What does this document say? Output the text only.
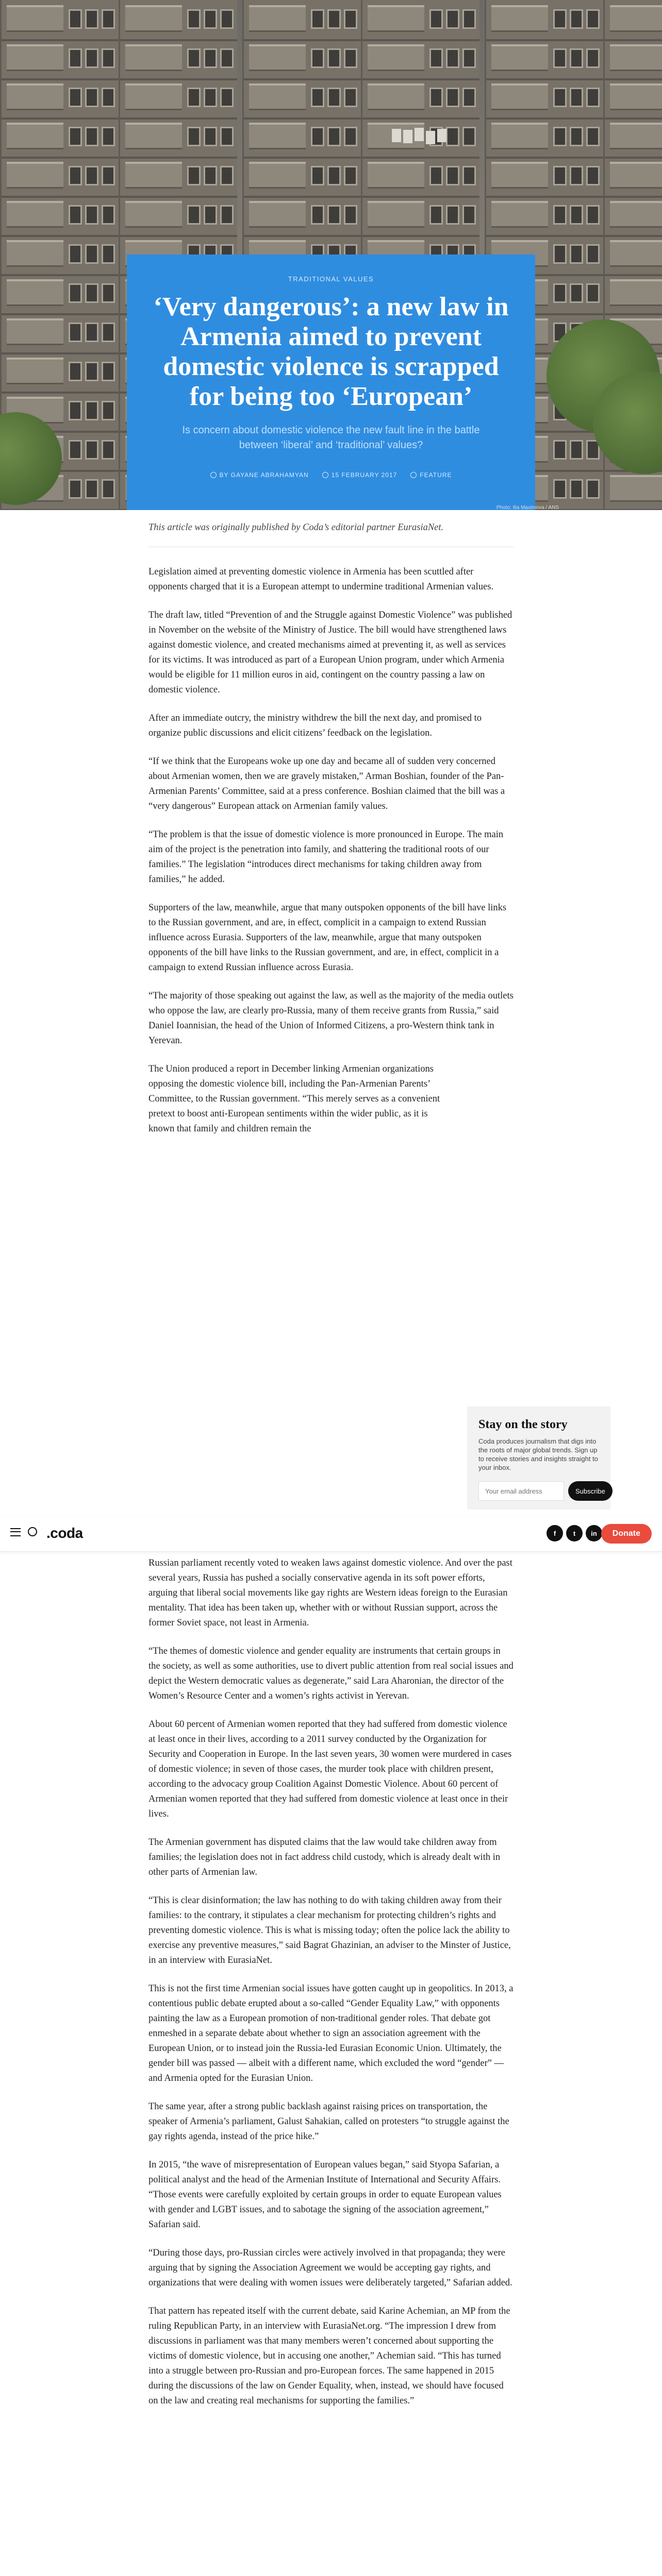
TRADITIONAL VALUES
‘Very dangerous’: a new law in Armenia aimed to prevent domestic violence is scrapped for being too ‘European’

Is concern about domestic violence the new fault line in the battle between ‘liberal’ and ‘traditional’ values?

BY GAYANE ABRAHAMYAN	15 FEBRUARY 2017	FEATURE
Photo: Ilia Maximova / ANS

This article was originally published by Coda’s editorial partner EurasiaNet.

Legislation aimed at preventing domestic violence in Armenia has been scuttled after opponents charged that it is a European attempt to undermine traditional Armenian values.

The draft law, titled “Prevention of and the Struggle against Domestic Violence” was published in November on the website of the Ministry of Justice. The bill would have strengthened laws against domestic violence, and created mechanisms aimed at preventing it, as well as services for its victims. It was introduced as part of a European Union program, under which Armenia would be eligible for 11 million euros in aid, contingent on the country passing a law on domestic violence.

After an immediate outcry, the ministry withdrew the bill the next day, and promised to organize public discussions and elicit citizens’ feedback on the legislation.

“If we think that the Europeans woke up one day and became all of sudden very concerned about Armenian women, then we are gravely mistaken,” Arman Boshian, founder of the Pan-Armenian Parents’ Committee, said at a press conference. Boshian claimed that the bill was a “very dangerous” European attack on Armenian family values.

“The problem is that the issue of domestic violence is more pronounced in Europe. The main aim of the project is the penetration into family, and shattering the traditional roots of our families.” The legislation “introduces direct mechanisms for taking children away from families,” he added.

Supporters of the law, meanwhile, argue that many outspoken opponents of the bill have links to the Russian government, and are, in effect, complicit in a campaign to extend Russian influence across Eurasia. Supporters of the law, meanwhile, argue that many outspoken opponents of the bill have links to the Russian government, and are, in effect, complicit in a campaign to extend Russian influence across Eurasia.

“The majority of those speaking out against the law, as well as the majority of the media outlets who oppose the law, are clearly pro-Russia, many of them receive grants from Russia,” said Daniel Ioannisian, the head of the Union of Informed Citizens, a pro-Western think tank in Yerevan.

The Union produced a report in December linking Armenian organizations opposing the domestic violence bill, including the Pan-Armenian Parents’ Committee, to the Russian government. “This merely serves as a convenient pretext to boost anti-European sentiments within the wider public, as it is known that family and children remain the

Stay on the story

Coda produces journalism that digs into the roots of major global trends. Sign up to receive stories and insights straight to your inbox.

Your email address
Subscribe
.coda	f	t	in	Donate

Russian parliament recently voted to weaken laws against domestic violence. And over the past several years, Russia has pushed a socially conservative agenda in its soft power efforts, arguing that liberal social movements like gay rights are Western ideas foreign to the Eurasian mentality. That idea has been taken up, whether with or without Russian support, across the former Soviet space, not least in Armenia.

“The themes of domestic violence and gender equality are instruments that certain groups in the society, as well as some authorities, use to divert public attention from real social issues and depict the Western democratic values as degenerate,” said Lara Aharonian, the director of the Women’s Resource Center and a women’s rights activist in Yerevan.

About 60 percent of Armenian women reported that they had suffered from domestic violence at least once in their lives, according to a 2011 survey conducted by the Organization for Security and Cooperation in Europe. In the last seven years, 30 women were murdered in cases of domestic violence; in seven of those cases, the murder took place with children present, according to the advocacy group Coalition Against Domestic Violence. About 60 percent of Armenian women reported that they had suffered from domestic violence at least once in their lives.

The Armenian government has disputed claims that the law would take children away from families; the legislation does not in fact address child custody, which is already dealt with in other parts of Armenian law.

“This is clear disinformation; the law has nothing to do with taking children away from their families: to the contrary, it stipulates a clear mechanism for protecting children’s rights and preventing domestic violence. This is what is missing today; often the police lack the ability to exercise any preventive measures,” said Bagrat Ghazinian, an adviser to the Minster of Justice, in an interview with EurasiaNet.

This is not the first time Armenian social issues have gotten caught up in geopolitics. In 2013, a contentious public debate erupted about a so-called “Gender Equality Law,” with opponents painting the law as a European promotion of non-traditional gender roles. That debate got enmeshed in a separate debate about whether to sign an association agreement with the European Union, or to instead join the Russia-led Eurasian Economic Union. Ultimately, the gender bill was passed — albeit with a different name, which excluded the word “gender” — and Armenia opted for the Eurasian Union.

The same year, after a strong public backlash against raising prices on transportation, the speaker of Armenia’s parliament, Galust Sahakian, called on protesters “to struggle against the gay rights agenda, instead of the price hike.”

In 2015, “the wave of misrepresentation of European values began,” said Styopa Safarian, a political analyst and the head of the Armenian Institute of International and Security Affairs. “Those events were carefully exploited by certain groups in order to equate European values with gender and LGBT issues, and to sabotage the signing of the association agreement,” Safarian said.

“During those days, pro-Russian circles were actively involved in that propaganda; they were arguing that by signing the Association Agreement we would be accepting gay rights, and organizations that were dealing with women issues were deliberately targeted,” Safarian added.

That pattern has repeated itself with the current debate, said Karine Achemian, an MP from the ruling Republican Party, in an interview with EurasiaNet.org. “The impression I drew from discussions in parliament was that many members weren’t concerned about supporting the victims of domestic violence, but in accusing one another,” Achemian said. “This has turned into a struggle between pro-Russian and pro-European forces. The same happened in 2015 during the discussions of the law on Gender Equality, when, instead, we should have focused on the law and creating real mechanisms for supporting the families.”
